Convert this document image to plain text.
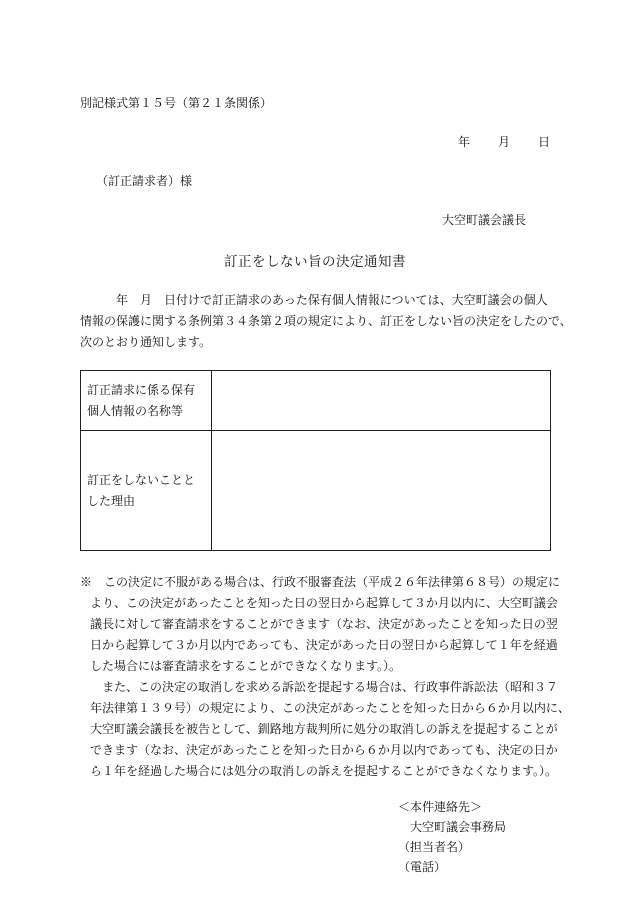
別記様式第１５号（第２１条関係）
年 月 日
（訂正請求者）様
大空町議会議長
訂正をしない旨の決定通知書
　　　年　月　日付けで訂正請求のあった保有個人情報については、大空町議会の個人
情報の保護に関する条例第３４条第２項の規定により、訂正をしない旨の決定をしたので、
次のとおり通知します。
訂正請求に係る保有
個人情報の名称等	

訂正をしないことと
した理由	

※　この決定に不服がある場合は、行政不服審査法（平成２６年法律第６８号）の規定に
より、この決定があったことを知った日の翌日から起算して３か月以内に、大空町議会
議長に対して審査請求をすることができます（なお、決定があったことを知った日の翌
日から起算して３か月以内であっても、決定があった日の翌日から起算して１年を経過
した場合には審査請求をすることができなくなります。）。
　また、この決定の取消しを求める訴訟を提起する場合は、行政事件訴訟法（昭和３７
年法律第１３９号）の規定により、この決定があったことを知った日から６か月以内に、
大空町議会議長を被告として、釧路地方裁判所に処分の取消しの訴えを提起することが
できます（なお、決定があったことを知った日から６か月以内であっても、決定の日か
ら１年を経過した場合には処分の取消しの訴えを提起することができなくなります。）。
＜本件連絡先＞
大空町議会事務局
（担当者名）
（電話）
